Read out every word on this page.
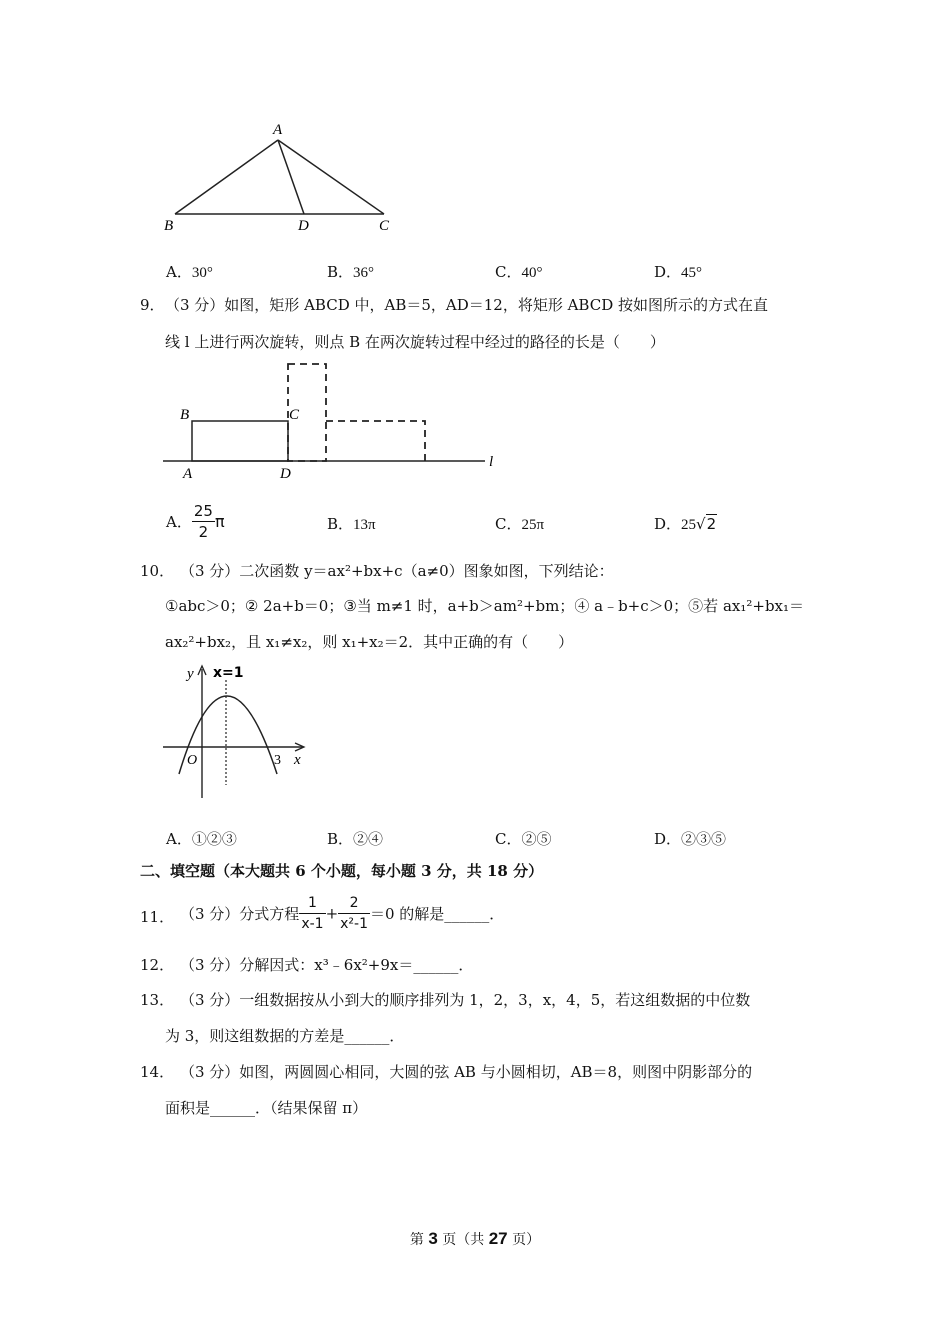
A
B	D	C
A．30°	B．36°	C．40°	D．45°
9． （3 分）如图，矩形 ABCD 中，AB＝5，AD＝12，将矩形 ABCD 按如图所示的方式在直
线 l 上进行两次旋转，则点 B 在两次旋转过程中经过的路径的长是（　　）
B	C
A	D
l
A． $\frac{25}{2}$ π	B．13π	C．25π	D．25√2
10． （3 分）二次函数 y＝ax²+bx+c（a≠0）图象如图，下列结论：
①abc＞0；② 2a+b＝0；③当 m≠1 时，a+b＞am²+bm；④ a﹣b+c＞0；⑤若 ax₁²+bx₁＝
ax₂²+bx₂，且 x₁≠x₂，则 x₁+x₂＝2．其中正确的有（　　）
y x=1
O	3 x
A．①②③	B．②④	C．②⑤	D．②③⑤
二、填空题（本大题共 6 个小题，每小题 3 分，共 18 分）
11． （3 分）分式方程 $\frac{1}{x-1} + \frac{2}{\text{x²-1}} =0$ 的解是______．
12． （3 分）分解因式：x³﹣6x²+9x＝______．
13． （3 分）一组数据按从小到大的顺序排列为 1，2，3，x，4，5，若这组数据的中位数
为 3，则这组数据的方差是______．
14． （3 分）如图，两圆圆心相同，大圆的弦 AB 与小圆相切，AB＝8，则图中阴影部分的
面积是______．（结果保留 π）
第 3 页（共 27 页）
